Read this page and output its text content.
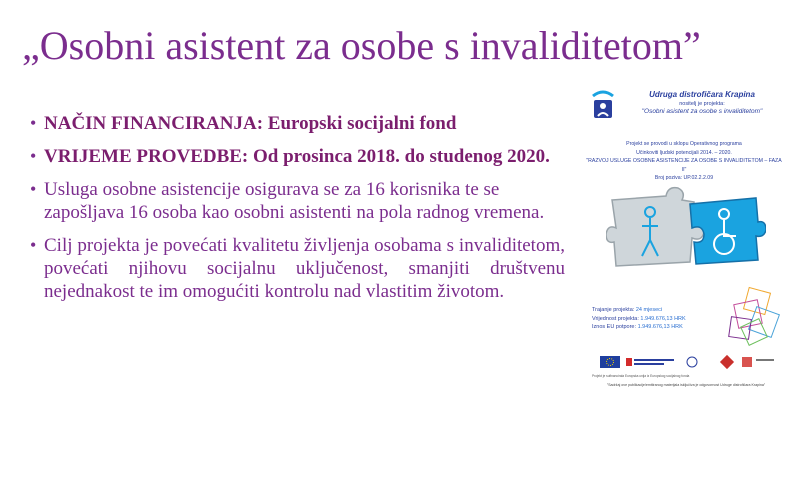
„Osobni asistent za osobe s invaliditetom”
• NAČIN FINANCIRANJA: Europski socijalni fond
• VRIJEME PROVEDBE: Od prosinca 2018. do studenog 2020.
• Usluga osobne asistencije osigurava se za 16 korisnika te se zapošljava 16 osoba kao osobni asistenti na pola radnog vremena.
• Cilj projekta je povećati kvalitetu življenja osobama s invaliditetom, povećati njihovu socijalnu uključenost, smanjiti društvenu nejednakost te im omogućiti kontrolu nad vlastitim životom.
Udruga distrofičara Krapina
nositelj je projekta:
"Osobni asistent za osobe s invaliditetom"
Projekt se provodi u sklopu Operativnog programa
Učinkoviti ljudski potencijali 2014. – 2020.
"RAZVOJ USLUGE OSOBNE ASISTENCIJE ZA OSOBE S INVALIDITETOM – FAZA II"
Broj poziva: UP.02.2.2.09
Trajanje projekta: 24 mjeseci
Vrijednost projekta: 1.949.676,13 HRK
Iznos EU potpore: 1.949.676,13 HRK
Projekt je sufinancirala Europska unija iz Europskog socijalnog fonda
"Sadržaj ove publikacije/emitiranog materijala isključiva je odgovornost Udruge distrofičara Krapina"
